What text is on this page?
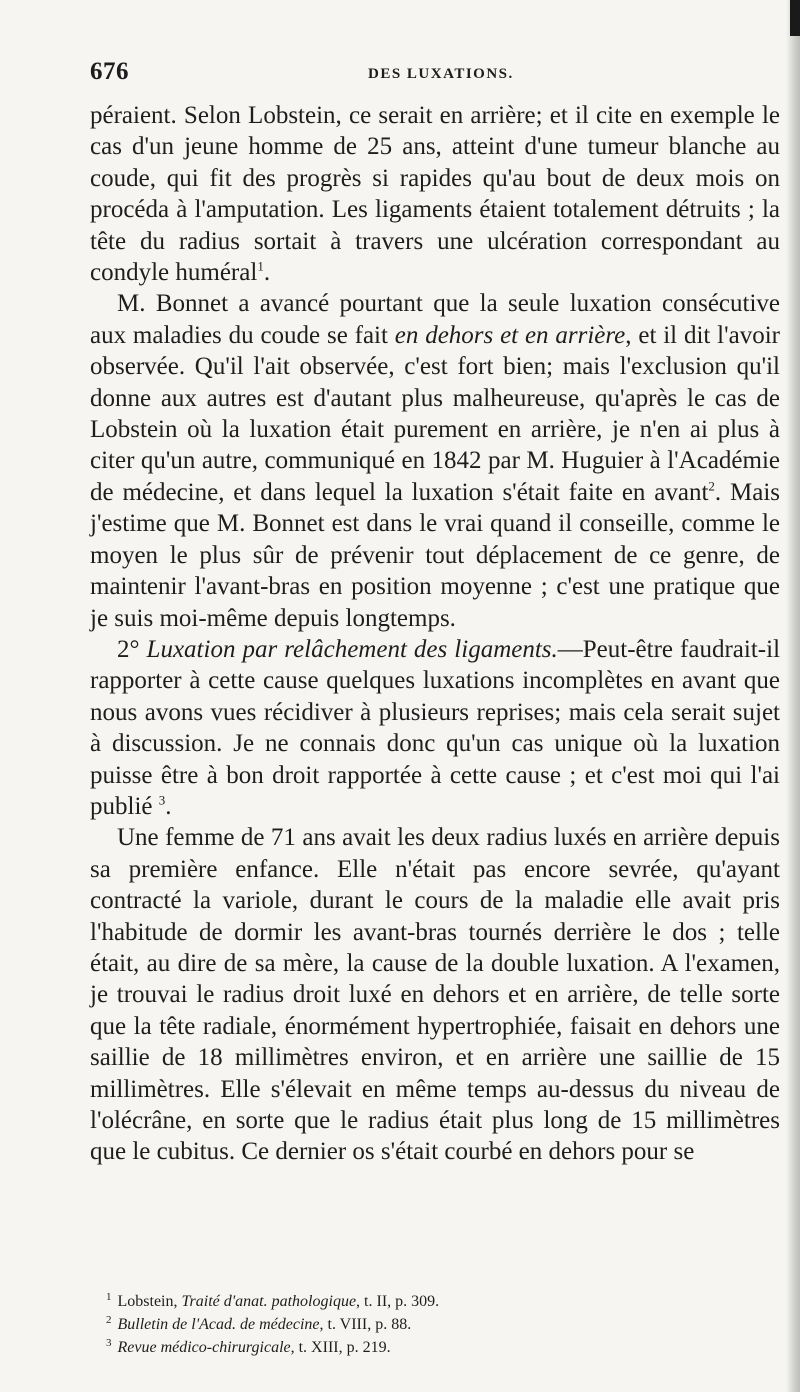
676	DES LUXATIONS.

péraient. Selon Lobstein, ce serait en arrière; et il cite en exemple le cas d'un jeune homme de 25 ans, atteint d'une tumeur blanche au coude, qui fit des progrès si rapides qu'au bout de deux mois on procéda à l'amputation. Les ligaments étaient totalement détruits ; la tête du radius sortait à travers une ulcération correspondant au condyle huméral$^1$.

M. Bonnet a avancé pourtant que la seule luxation consécutive aux maladies du coude se fait en dehors et en arrière, et il dit l'avoir observée. Qu'il l'ait observée, c'est fort bien; mais l'exclusion qu'il donne aux autres est d'autant plus malheureuse, qu'après le cas de Lobstein où la luxation était purement en arrière, je n'en ai plus à citer qu'un autre, communiqué en 1842 par M. Huguier à l'Académie de médecine, et dans lequel la luxation s'était faite en avant$^2$. Mais j'estime que M. Bonnet est dans le vrai quand il conseille, comme le moyen le plus sûr de prévenir tout déplacement de ce genre, de maintenir l'avant-bras en position moyenne ; c'est une pratique que je suis moi-même depuis longtemps.

2° Luxation par relâchement des ligaments.—Peut-être faudrait-il rapporter à cette cause quelques luxations incomplètes en avant que nous avons vues récidiver à plusieurs reprises; mais cela serait sujet à discussion. Je ne connais donc qu'un cas unique où la luxation puisse être à bon droit rapportée à cette cause ; et c'est moi qui l'ai publié $^3$.

Une femme de 71 ans avait les deux radius luxés en arrière depuis sa première enfance. Elle n'était pas encore sevrée, qu'ayant contracté la variole, durant le cours de la maladie elle avait pris l'habitude de dormir les avant-bras tournés derrière le dos ; telle était, au dire de sa mère, la cause de la double luxation. A l'examen, je trouvai le radius droit luxé en dehors et en arrière, de telle sorte que la tête radiale, énormément hypertrophiée, faisait en dehors une saillie de 18 millimètres environ, et en arrière une saillie de 15 millimètres. Elle s'élevait en même temps au-dessus du niveau de l'olécrâne, en sorte que le radius était plus long de 15 millimètres que le cubitus. Ce dernier os s'était courbé en dehors pour se

$^1$ Lobstein, Traité d'anat. pathologique, t. II, p. 309.

$^2$ Bulletin de l'Acad. de médecine, t. VIII, p. 88.

$^3$ Revue médico-chirurgicale, t. XIII, p. 219.
